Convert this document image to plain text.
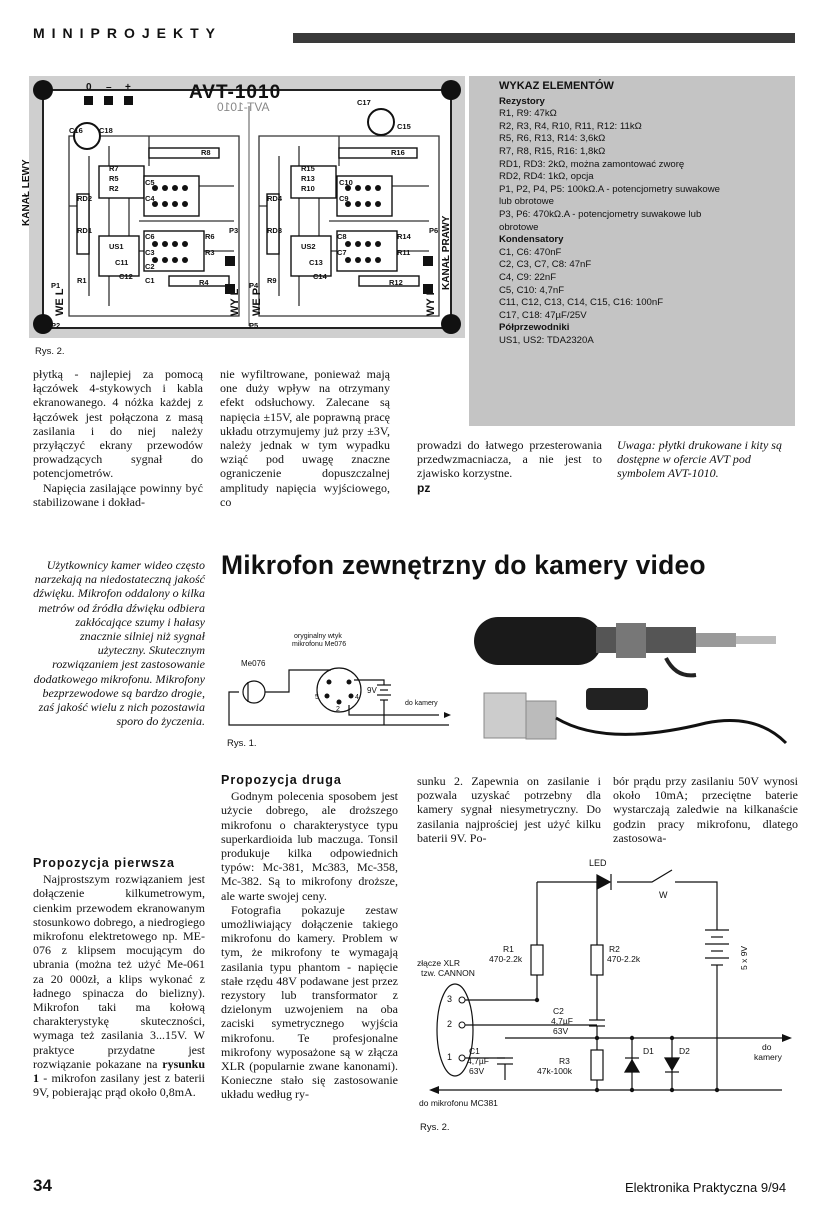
MINIPROJEKTY
AVT-1010
AVT-1010
0 – +
KANAŁ LEWY
KANAŁ PRAWY
WE L	WY L WE P	WY P
C16
C17
C18	C15
R8	R16
R7
R5
R2
R15
R13
R10
C5
C4
C10
C9
RD2
RD1
RD4
RD3
C6	R6
C3	R3
C8	R14
C7	R11
US1	US2
C2
C1
C11
C12
C13
C14
R4	R12
R1	R9
P1
P2
P3
P4
P5
P6
Rys. 2.
WYKAZ ELEMENTÓW
Rezystory
R1, R9: 47kΩ
R2, R3, R4, R10, R11, R12: 11kΩ
R5, R6, R13, R14: 3,6kΩ
R7, R8, R15, R16: 1,8kΩ
RD1, RD3: 2kΩ, można zamontować zworę
RD2, RD4: 1kΩ, opcja
P1, P2, P4, P5: 100kΩ.A - potencjometry suwakowe
lub obrotowe
P3, P6: 470kΩ.A - potencjometry suwakowe lub
obrotowe
Kondensatory
C1, C6: 470nF
C2, C3, C7, C8: 47nF
C4, C9: 22nF
C5, C10: 4,7nF
C11, C12, C13, C14, C15, C16: 100nF
C17, C18: 47µF/25V
Półprzewodniki
US1, US2: TDA2320A

płytką - najlepiej za pomocą łączówek 4-stykowych i kabla ekranowanego. 4 nóżka każdej z łączówek jest połączona z masą zasilania i do niej należy przyłączyć ekrany przewodów prowadzących sygnał do potencjometrów.

Napięcia zasilające powinny być stabilizowane i dokład-

nie wyfiltrowane, ponieważ mają one duży wpływ na otrzymany efekt odsłuchowy. Zalecane są napięcia ±15V, ale poprawną pracę układu otrzymujemy już przy ±3V, należy jednak w tym wypadku wziąć pod uwagę znaczne ograniczenie dopuszczalnej amplitudy napięcia wyjściowego, co

prowadzi do łatwego przesterowania przedwzmacniacza, a nie jest to zjawisko korzystne.

pz

Uwaga: płytki drukowane i kity są dostępne w ofercie AVT pod symbolem AVT-1010.
Mikrofon zewnętrzny do kamery video
Użytkownicy kamer wideo często narzekają na niedostateczną jakość dźwięku. Mikrofon oddalony o kilka metrów od źródła dźwięku odbiera zakłócające szumy i hałasy znacznie silniej niż sygnał użyteczny. Skutecznym rozwiązaniem jest zastosowanie dodatkowego mikrofonu. Mikrofony bezprzewodowe są bardzo drogie, zaś jakość wielu z nich pozostawia sporo do życzenia.
oryginalny wtyk
mikrofonu Me076
Me076
9V
do kamery
5	4
2
Rys. 1.
Propozycja pierwsza

Najprostszym rozwiązaniem jest dołączenie kilkumetrowym, cienkim przewodem ekranowanym stosunkowo dobrego, a niedrogiego mikrofonu elektretowego np. ME-076 z klipsem mocującym do ubrania (można też użyć Me-061 za 20 000zł, a klips wykonać z ładnego spinacza do bielizny). Mikrofon taki ma kołową charakterystykę skuteczności, wymaga też zasilania 3...15V. W praktyce przydatne jest rozwiązanie pokazane na rysunku 1 - mikrofon zasilany jest z baterii 9V, pobierając prąd około 0,8mA.

Propozycja druga

Godnym polecenia sposobem jest użycie dobrego, ale droższego mikrofonu o charakterystyce typu superkardioida lub maczuga. Tonsil produkuje kilka odpowiednich typów: Mc-381, Mc383, Mc-358, Mc-382. Są to mikrofony droższe, ale warte swojej ceny.

Fotografia pokazuje zestaw umożliwiający dołączenie takiego mikrofonu do kamery. Problem w tym, że mikrofony te wymagają zasilania typu phantom - napięcie stałe rzędu 48V podawane jest przez rezystory lub transformator z dzielonym uzwojeniem na oba zaciski symetrycznego wyjścia mikrofonu. Te profesjonalne mikrofony wyposażone są w złącza XLR (popularnie zwane kanonami). Konieczne stało się zastosowanie układu według ry-

sunku 2. Zapewnia on zasilanie i pozwala uzyskać potrzebny dla kamery sygnał niesymetryczny. Do zasilania najprościej jest użyć kilku baterii 9V. Po-

bór prądu przy zasilaniu 50V wynosi około 10mA; przeciętne baterie wystarczają zaledwie na kilkanaście godzin pracy mikrofonu, dlatego zastosowa-

LED
W
R1
470-2.2k
R2
470-2.2k
złącze XLR
tzw. CANNON
3
2
1
C2
4,7µF
63V
C1
4,7µF
63V
R3
47k-100k
D1	D2	do
kamery
5 x 9V
do mikrofonu MC381
Rys. 2.
34	Elektronika Praktyczna 9/94
